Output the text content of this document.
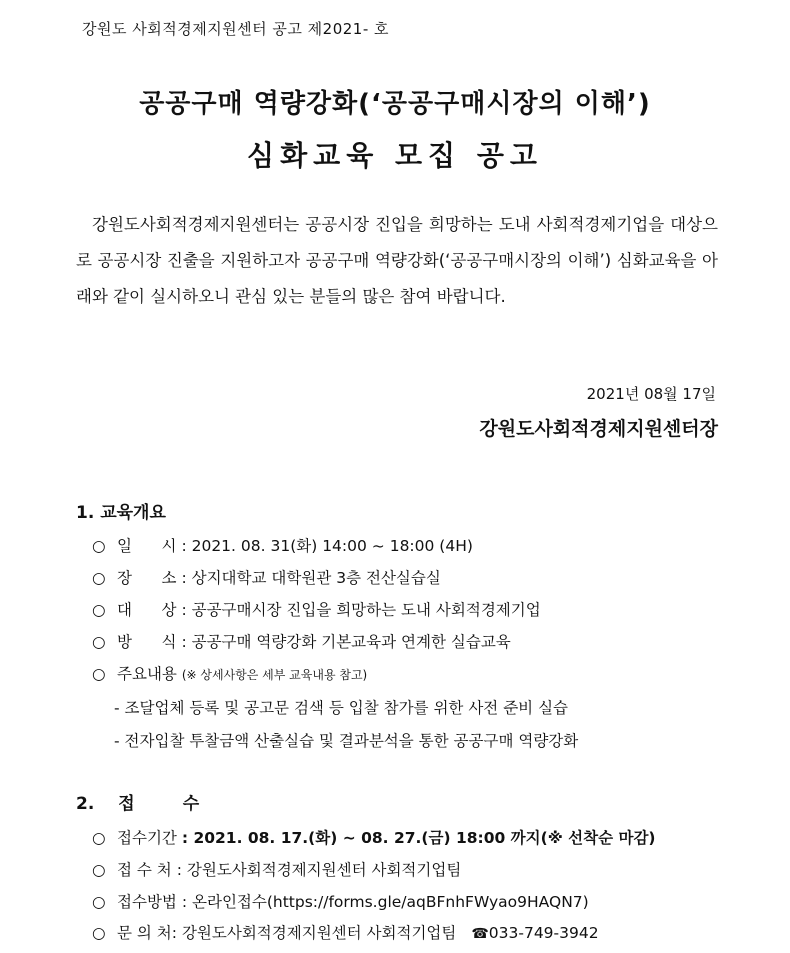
강원도 사회적경제지원센터 공고 제2021- 호
공공구매 역량강화(‘공공구매시장의 이해’)
심화교육 모집 공고
강원도사회적경제지원센터는 공공시장 진입을 희망하는 도내 사회적경제기업을 대상으로 공공시장 진출을 지원하고자 공공구매 역량강화(‘공공구매시장의 이해’) 심화교육을 아래와 같이 실시하오니 관심 있는 분들의 많은 참여 바랍니다.
2021년 08월 17일
강원도사회적경제지원센터장
1. 교육개요
○ 일      시 : 2021. 08. 31(화) 14:00 ~ 18:00 (4H)
○ 장      소 : 상지대학교 대학원관 3층 전산실습실
○ 대      상 : 공공구매시장 진입을 희망하는 도내 사회적경제기업
○ 방      식 : 공공구매 역량강화 기본교육과 연계한 실습교육
○ 주요내용 (※ 상세사항은 세부 교육내용 참고)
- 조달업체 등록 및 공고문 검색 등 입찰 참가를 위한 사전 준비 실습
- 전자입찰 투찰금액 산출실습 및 결과분석을 통한 공공구매 역량강화
2. 접	수
○ 접수기간 : 2021. 08. 17.(화) ~ 08. 27.(금) 18:00 까지(※ 선착순 마감)
○ 접 수 처 : 강원도사회적경제지원센터 사회적기업팀
○ 접수방법 : 온라인접수(https://forms.gle/aqBFnhFWyao9HAQN7)
○ 문 의 처: 강원도사회적경제지원센터 사회적기업팀 ☎033-749-3942
